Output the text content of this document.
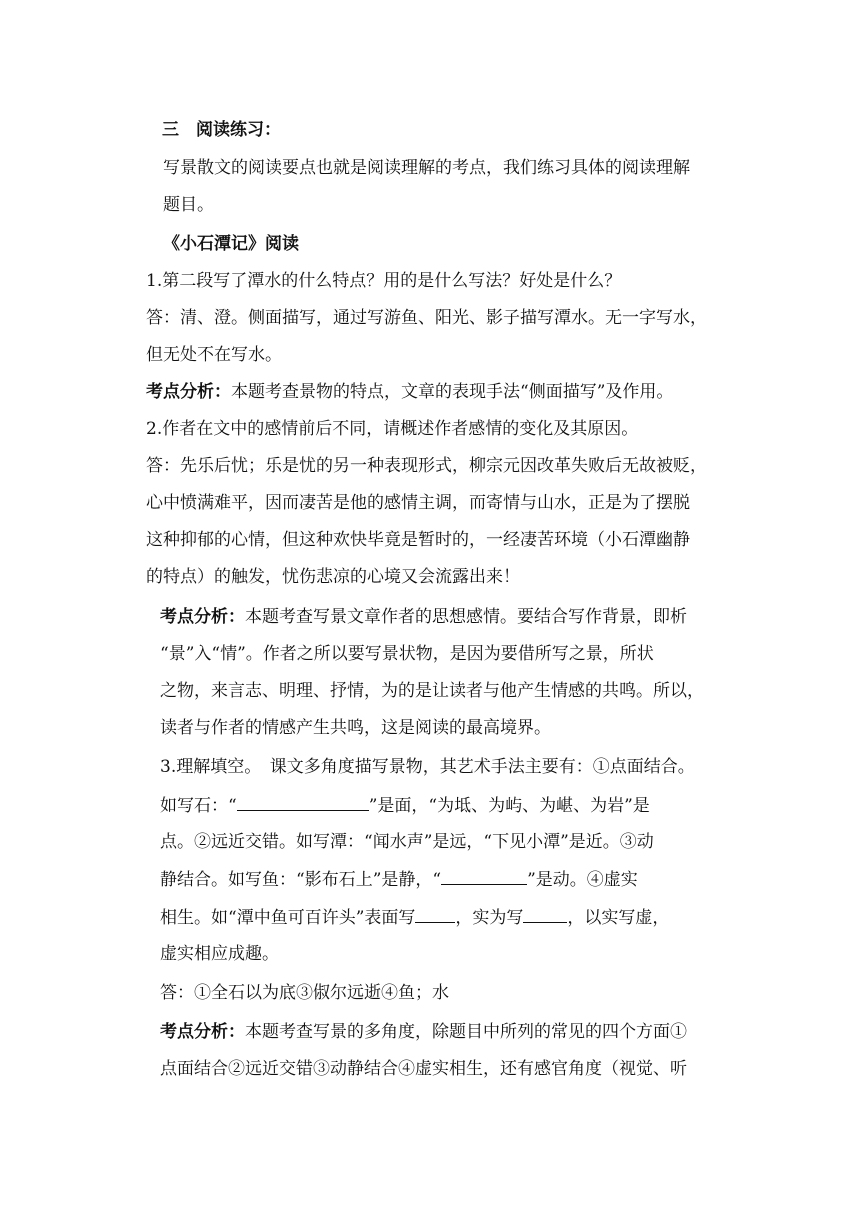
三　阅读练习：
写景散文的阅读要点也就是阅读理解的考点，我们练习具体的阅读理解
题目。
《小石潭记》阅读
1.第二段写了潭水的什么特点？用的是什么写法？好处是什么？
答：清、澄。侧面描写，通过写游鱼、阳光、影子描写潭水。无一字写水，
但无处不在写水。
考点分析：本题考查景物的特点，文章的表现手法“侧面描写”及作用。
2.作者在文中的感情前后不同，请概述作者感情的变化及其原因。
答：先乐后忧；乐是忧的另一种表现形式，柳宗元因改革失败后无故被贬，
心中愤满难平，因而凄苦是他的感情主调，而寄情与山水，正是为了摆脱
这种抑郁的心情，但这种欢快毕竟是暂时的，一经凄苦环境（小石潭幽静
的特点）的触发，忧伤悲凉的心境又会流露出来！
考点分析：本题考查写景文章作者的思想感情。要结合写作背景，即析
“景”入“情”。作者之所以要写景状物，是因为要借所写之景，所状
之物，来言志、明理、抒情，为的是让读者与他产生情感的共鸣。所以，
读者与作者的情感产生共鸣，这是阅读的最高境界。
3.理解填空。　课文多角度描写景物，其艺术手法主要有：①点面结合。
如写石：“	”是面，“为坻、为屿、为嵁、为岩”是
点。②远近交错。如写潭：“闻水声”是远，“下见小潭”是近。③动
静结合。如写鱼：“影布石上”是静，“	”是动。④虚实
相生。如“潭中鱼可百许头”表面写 ，实为写	，以实写虚，
虚实相应成趣。
答：①全石以为底③俶尔远逝④鱼；水
考点分析：本题考查写景的多角度，除题目中所列的常见的四个方面①
点面结合②远近交错③动静结合④虚实相生，还有感官角度（视觉、听
